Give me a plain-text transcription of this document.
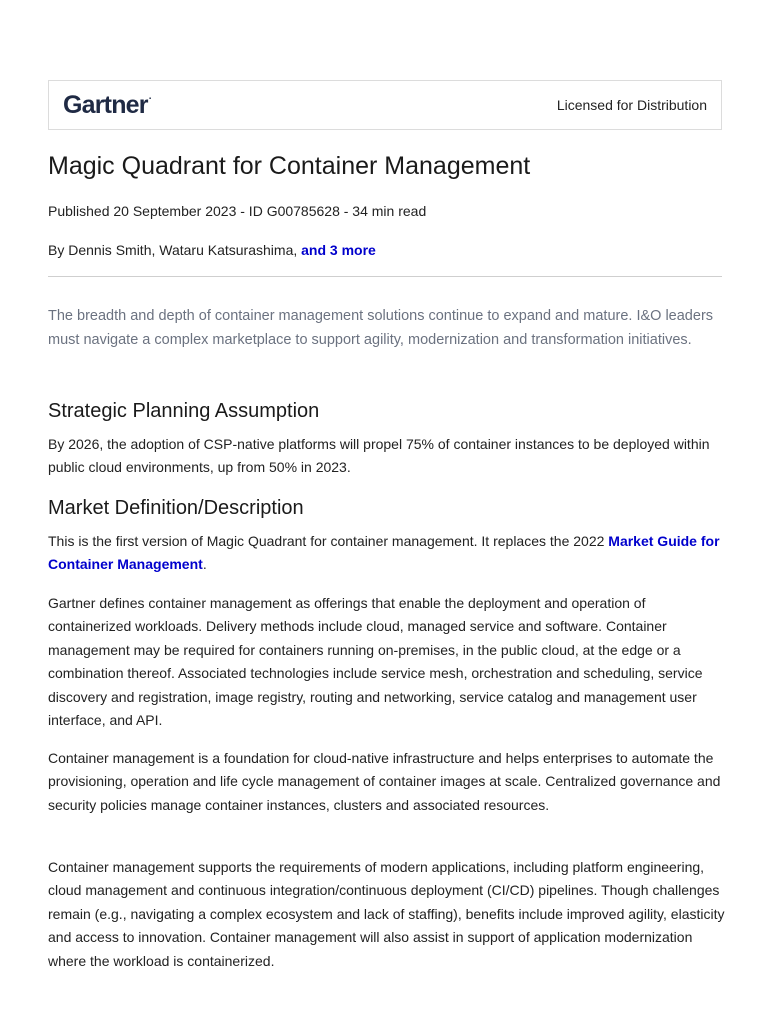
Gartner.
Licensed for Distribution
Magic Quadrant for Container Management
Published 20 September 2023 - ID G00785628 - 34 min read
By Dennis Smith, Wataru Katsurashima, and 3 more

The breadth and depth of container management solutions continue to expand and mature. I&O leaders must navigate a complex marketplace to support agility, modernization and transformation initiatives.

Strategic Planning Assumption

By 2026, the adoption of CSP-native platforms will propel 75% of container instances to be deployed within public cloud environments, up from 50% in 2023.

Market Definition/Description

This is the first version of Magic Quadrant for container management. It replaces the 2022 Market Guide for Container Management.

Gartner defines container management as offerings that enable the deployment and operation of containerized workloads. Delivery methods include cloud, managed service and software. Container management may be required for containers running on-premises, in the public cloud, at the edge or a combination thereof. Associated technologies include service mesh, orchestration and scheduling, service discovery and registration, image registry, routing and networking, service catalog and management user interface, and API.

Container management is a foundation for cloud-native infrastructure and helps enterprises to automate the provisioning, operation and life cycle management of container images at scale. Centralized governance and security policies manage container instances, clusters and associated resources.

Container management supports the requirements of modern applications, including platform engineering, cloud management and continuous integration/continuous deployment (CI/CD) pipelines. Though challenges remain (e.g., navigating a complex ecosystem and lack of staffing), benefits include improved agility, elasticity and access to innovation. Container management will also assist in support of application modernization where the workload is containerized.
